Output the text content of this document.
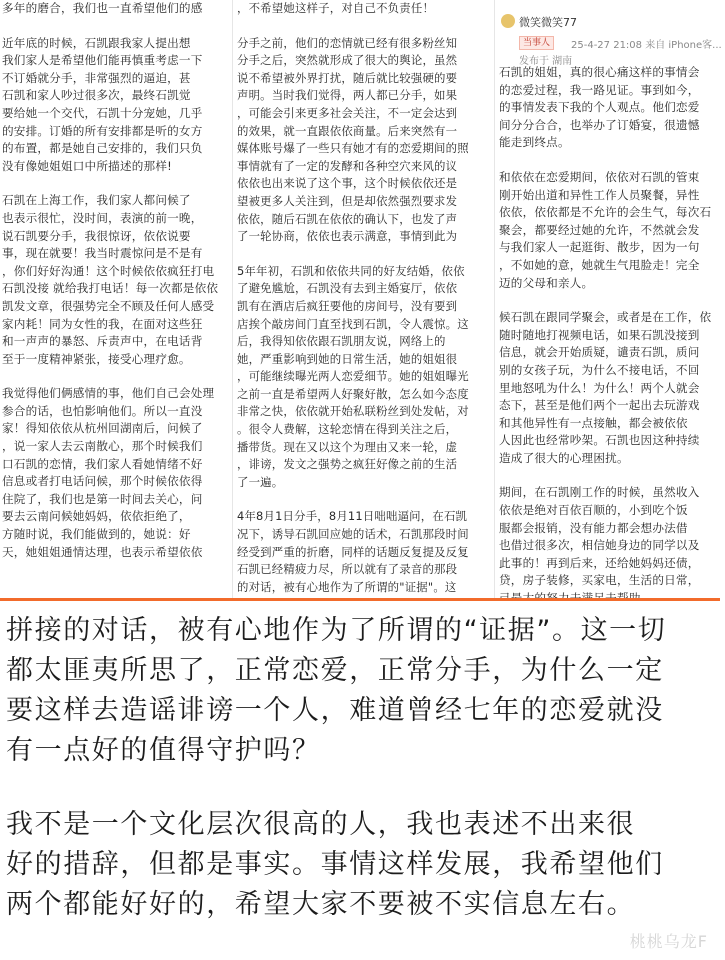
多年的磨合，我们也一直希望他们的感

近年底的时候，石凯跟我家人提出想

我们家人是希望他们能再慎重考虑一下

不订婚就分手，非常强烈的逼迫，甚

石凯和家人吵过很多次，最终石凯觉

要给她一个交代，石凯十分宠她，几乎

的安排。订婚的所有安排都是听的女方

的布置，都是她自己安排的，我们只负

没有像她姐姐口中所描述的那样!

石凯在上海工作，我们家人都问候了

也表示很忙，没时间，表演的前一晚，

说石凯要分手，我很惊讶，依依说要

事，现在就要！我当时震惊问是不是有

，你们好好沟通！这个时候依依疯狂打电

石凯没接 就给我打电话！每一次都是依依

凯发文章，很强势完全不顾及任何人感受

家内耗！同为女性的我，在面对这些狂

和一声声的暴怒、斥责声中，在电话背

至于一度精神紧张，接受心理疗愈。

我觉得他们俩感情的事，他们自己会处理

参合的话，也怕影响他们。所以一直没

家！得知依依从杭州回湖南后，问候了

，说一家人去云南散心，那个时候我们

口石凯的恋情，我们家人看她情绪不好

信息或者打电话问候，那个时候依依得

住院了，我们也是第一时间去关心，问

要去云南问候她妈妈，依依拒绝了，

方随时说，我们能做到的，她说：好

天，她姐姐通情达理，也表示希望依依

，不希望她这样子，对自己不负责任！

分手之前，他们的恋情就已经有很多粉丝知

分手之后，突然就形成了很大的舆论，虽然

说不希望被外界打扰，随后就比较强硬的要

声明。当时我们觉得，两人都已分手，如果

，可能会引来更多社会关注，不一定会达到

的效果，就一直跟依依商量。后来突然有一

媒体账号爆了一些只有她才有的恋爱期间的照

事情就有了一定的发酵和各种空穴来风的议

依依也出来说了这个事，这个时候依依还是

望被更多人关注到，但是却依然强烈要求发

依依，随后石凯在依依的确认下，也发了声

了一轮协商，依依也表示满意，事情到此为

5年年初，石凯和依依共同的好友结婚，依依

了避免尴尬，石凯没有去到主婚宴厅，依依

凯有在酒店后疯狂要他的房间号，没有要到

店挨个敲房间门直至找到石凯，令人震惊。这

后，我得知依依跟石凯朋友说，网络上的

她，严重影响到她的日常生活，她的姐姐很

，可能继续曝光两人恋爱细节。她的姐姐曝光

之前一直是希望两人好聚好散，怎么如今态度

非常之快，依依就开始私联粉丝到处发帖，对

。很令人费解，这轮恋情在得到关注之后，

播带货。现在又以这个为理由又来一轮，虚

，诽谤，发文之强势之疯狂好像之前的生活

了一遍。

4年8月1日分手，8月11日咄咄逼问，在石凯

况下，诱导石凯回应她的话术，石凯那段时间

经受到严重的折磨，同样的话题反复提及反复

石凯已经精疲力尽，所以就有了录音的那段

的对话，被有心地作为了所谓的"证据"。这

微笑微笑77
当事人	25-4-27 21:08 来自 iPhone客...
发布于 湖南

石凯的姐姐，真的很心痛这样的事情会

的恋爱过程，我一路见证。事到如今，

的事情发表下我的个人观点。他们恋爱

间分分合合，也举办了订婚宴，很遗憾

能走到终点。

和依依在恋爱期间，依依对石凯的管束

刚开始出道和异性工作人员聚餐，异性

依依，依依都是不允许的会生气，每次石

聚会，都要经过她的允许，不然就会发

与我们家人一起逛街、散步，因为一句

，不如她的意，她就生气甩脸走！完全

迈的父母和亲人。

候石凯在跟同学聚会，或者是在工作，依

随时随地打视频电话，如果石凯没接到

信息，就会开始质疑，谴责石凯，质问

别的女孩子玩，为什么不接电话，不回

里地怒吼为什么！为什么！两个人就会

态下，甚至是他们两个一起出去玩游戏

和其他异性有一点接触，都会被依依

人因此也经常吵架。石凯也因这种持续

造成了很大的心理困扰。

期间，在石凯刚工作的时候，虽然收入

依依是绝对百依百顺的，小到吃个饭

服都会报销，没有能力都会想办法借

也借过很多次，相信她身边的同学以及

此事的！再到后来，还给她妈妈还债，

贷，房子装修，买家电，生活的日常，

拼接的对话，被有心地作为了所谓的“证据”。这一切

都太匪夷所思了，正常恋爱，正常分手，为什么一定

要这样去造谣诽谤一个人，难道曾经七年的恋爱就没

有一点好的值得守护吗？

我不是一个文化层次很高的人，我也表述不出来很

好的措辞，但都是事实。事情这样发展，我希望他们

两个都能好好的，希望大家不要被不实信息左右。

桃桃乌龙F
